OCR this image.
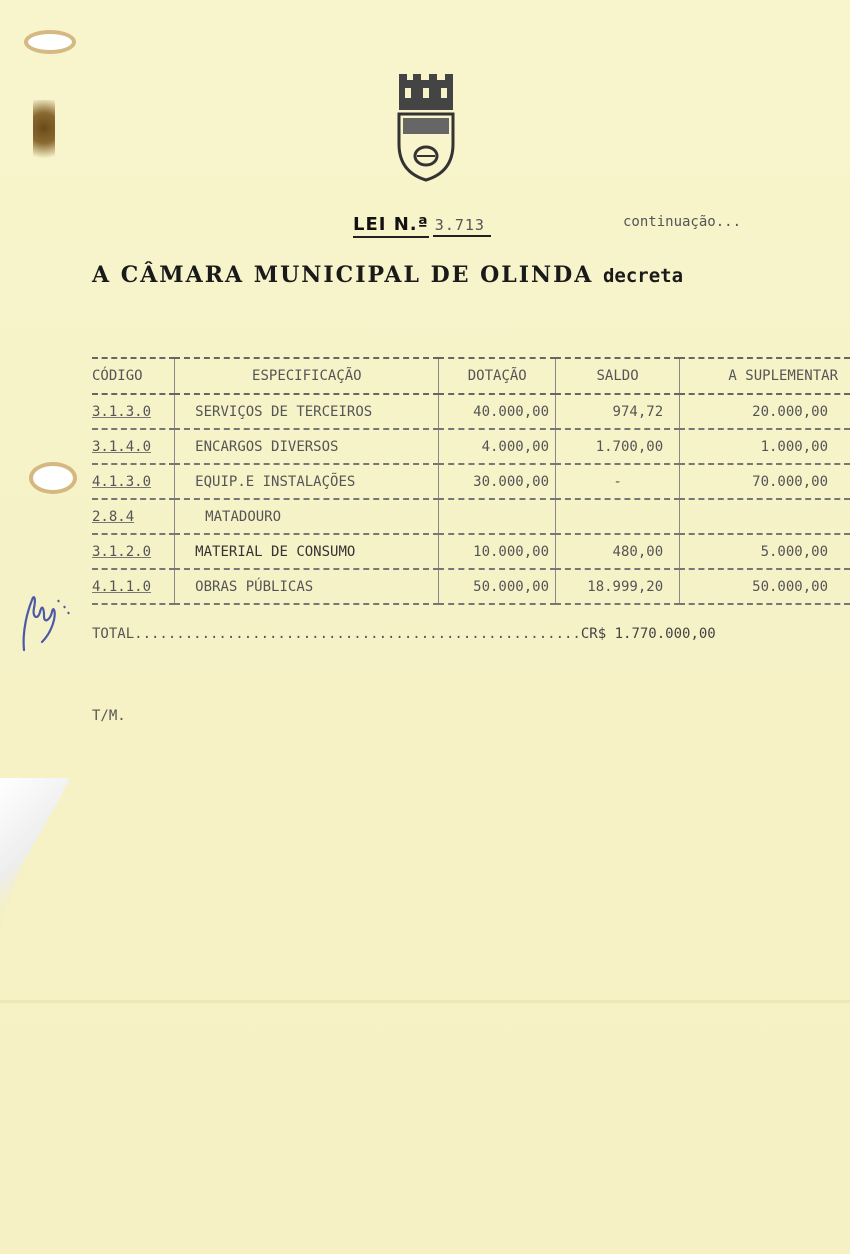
LEI N.ª 3.713	continuação...
A CÂMARA MUNICIPAL DE OLINDA decreta
CÓDIGO	ESPECIFICAÇÃO	DOTAÇÃO	SALDO	A SUPLEMENTAR
3.1.3.0	SERVIÇOS DE TERCEIROS	40.000,00	974,72	20.000,00
3.1.4.0	ENCARGOS DIVERSOS	4.000,00	1.700,00	1.000,00
4.1.3.0	EQUIP.E INSTALAÇÕES	30.000,00	-	70.000,00
2.8.4	MATADOURO			
3.1.2.0	MATERIAL DE CONSUMO	10.000,00	480,00	5.000,00
4.1.1.0	OBRAS PÚBLICAS	50.000,00	18.999,20	50.000,00
TOTAL.....................................................CR$ 1.770.000,00
T/M.
